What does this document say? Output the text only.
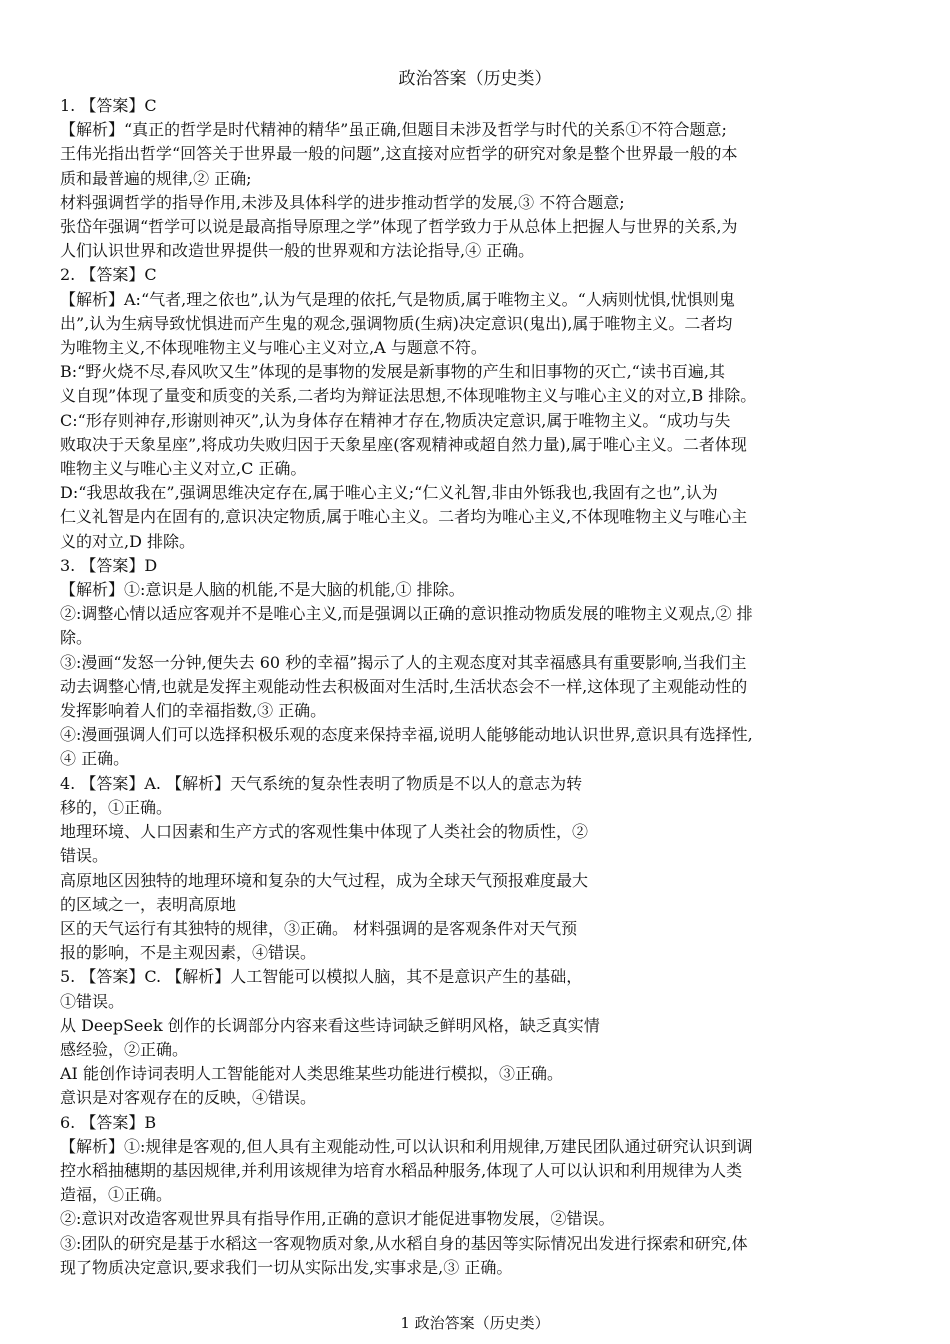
政治答案（历史类）

1. 【答案】C

【解析】“真正的哲学是时代精神的精华”虽正确,但题目未涉及哲学与时代的关系①不符合题意;

王伟光指出哲学“回答关于世界最一般的问题”,这直接对应哲学的研究对象是整个世界最一般的本

质和最普遍的规律,② 正确;

材料强调哲学的指导作用,未涉及具体科学的进步推动哲学的发展,③ 不符合题意;

张岱年强调“哲学可以说是最高指导原理之学”体现了哲学致力于从总体上把握人与世界的关系,为

人们认识世界和改造世界提供一般的世界观和方法论指导,④ 正确。

2. 【答案】C

【解析】A:“气者,理之依也”,认为气是理的依托,气是物质,属于唯物主义。“人病则忧惧,忧惧则鬼

出”,认为生病导致忧惧进而产生鬼的观念,强调物质(生病)决定意识(鬼出),属于唯物主义。二者均

为唯物主义,不体现唯物主义与唯心主义对立,A 与题意不符。

B:“野火烧不尽,春风吹又生”体现的是事物的发展是新事物的产生和旧事物的灭亡,“读书百遍,其

义自现”体现了量变和质变的关系,二者均为辩证法思想,不体现唯物主义与唯心主义的对立,B 排除。

C:“形存则神存,形谢则神灭”,认为身体存在精神才存在,物质决定意识,属于唯物主义。“成功与失

败取决于天象星座”,将成功失败归因于天象星座(客观精神或超自然力量),属于唯心主义。二者体现

唯物主义与唯心主义对立,C 正确。

D:“我思故我在”,强调思维决定存在,属于唯心主义;“仁义礼智,非由外铄我也,我固有之也”,认为

仁义礼智是内在固有的,意识决定物质,属于唯心主义。二者均为唯心主义,不体现唯物主义与唯心主

义的对立,D 排除。

3. 【答案】D

【解析】①:意识是人脑的机能,不是大脑的机能,① 排除。

②:调整心情以适应客观并不是唯心主义,而是强调以正确的意识推动物质发展的唯物主义观点,② 排

除。

③:漫画“发怒一分钟,便失去 60 秒的幸福”揭示了人的主观态度对其幸福感具有重要影响,当我们主

动去调整心情,也就是发挥主观能动性去积极面对生活时,生活状态会不一样,这体现了主观能动性的

发挥影响着人们的幸福指数,③ 正确。

④:漫画强调人们可以选择积极乐观的态度来保持幸福,说明人能够能动地认识世界,意识具有选择性,

④ 正确。

4. 【答案】A. 【解析】天气系统的复杂性表明了物质是不以人的意志为转

移的，①正确。

地理环境、人口因素和生产方式的客观性集中体现了人类社会的物质性，②

错误。

高原地区因独特的地理环境和复杂的大气过程，成为全球天气预报难度最大

的区域之一，表明高原地

区的天气运行有其独特的规律，③正确。 材料强调的是客观条件对天气预

报的影响，不是主观因素，④错误。

5. 【答案】C. 【解析】人工智能可以模拟人脑，其不是意识产生的基础，

①错误。

从 DeepSeek 创作的长调部分内容来看这些诗词缺乏鲜明风格，缺乏真实情

感经验，②正确。

AI 能创作诗词表明人工智能能对人类思维某些功能进行模拟，③正确。

意识是对客观存在的反映，④错误。

6. 【答案】B

【解析】①:规律是客观的,但人具有主观能动性,可以认识和利用规律,万建民团队通过研究认识到调

控水稻抽穗期的基因规律,并利用该规律为培育水稻品种服务,体现了人可以认识和利用规律为人类

造福，①正确。

②:意识对改造客观世界具有指导作用,正确的意识才能促进事物发展，②错误。

③:团队的研究是基于水稻这一客观物质对象,从水稻自身的基因等实际情况出发进行探索和研究,体

现了物质决定意识,要求我们一切从实际出发,实事求是,③ 正确。

1 政治答案（历史类）
